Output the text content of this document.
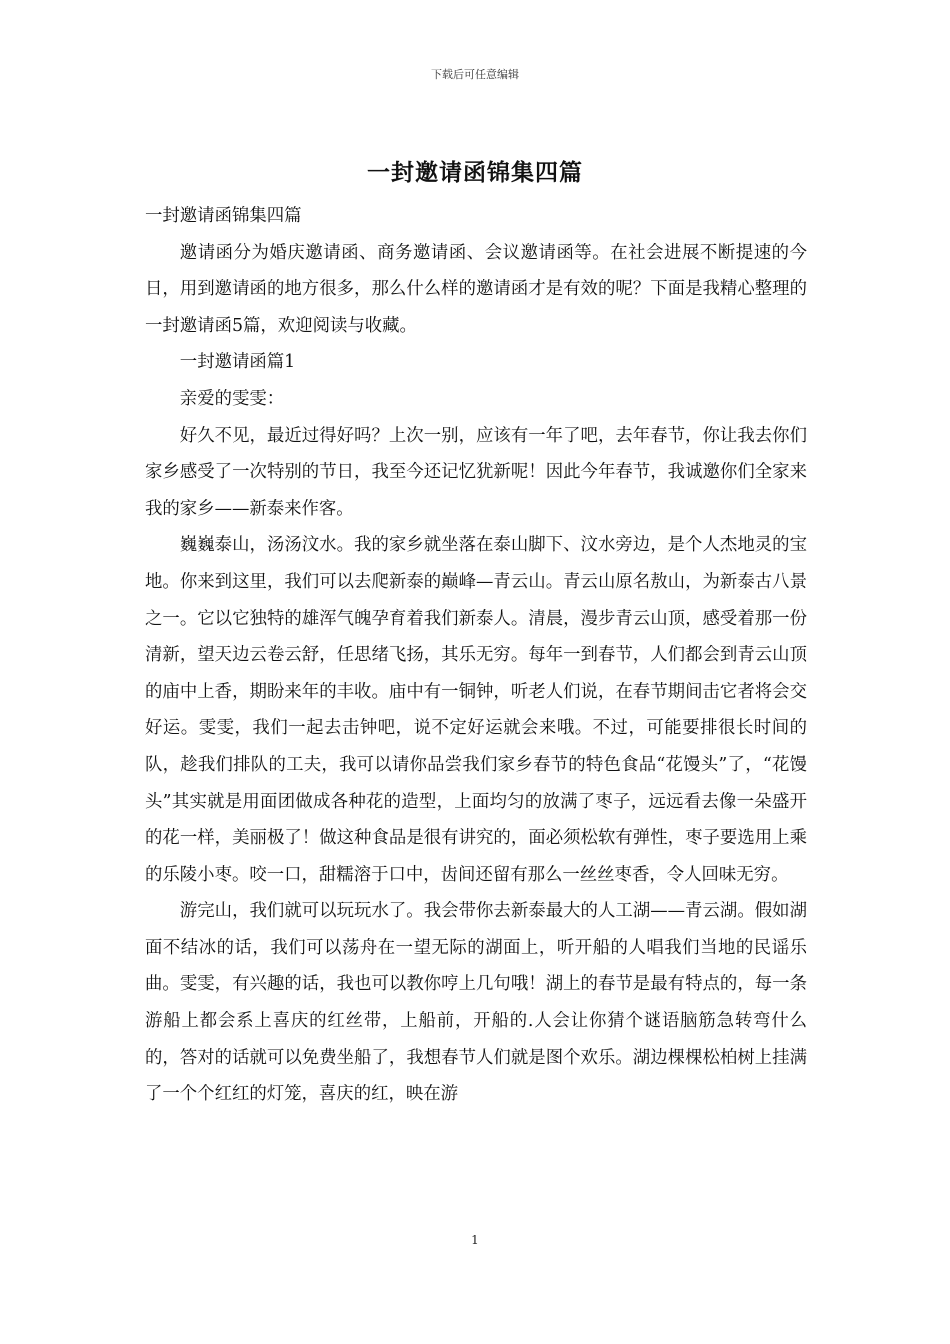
下载后可任意编辑
一封邀请函锦集四篇

一封邀请函锦集四篇

邀请函分为婚庆邀请函、商务邀请函、会议邀请函等。在社会进展不断提速的今日，用到邀请函的地方很多，那么什么样的邀请函才是有效的呢？下面是我精心整理的一封邀请函5篇，欢迎阅读与收藏。

一封邀请函篇1

亲爱的雯雯：

好久不见，最近过得好吗？上次一别，应该有一年了吧，去年春节，你让我去你们家乡感受了一次特别的节日，我至今还记忆犹新呢！因此今年春节，我诚邀你们全家来我的家乡——新泰来作客。

巍巍泰山，汤汤汶水。我的家乡就坐落在泰山脚下、汶水旁边，是个人杰地灵的宝地。你来到这里，我们可以去爬新泰的巅峰—青云山。青云山原名敖山，为新泰古八景之一。它以它独特的雄浑气魄孕育着我们新泰人。清晨，漫步青云山顶，感受着那一份清新，望天边云卷云舒，任思绪飞扬，其乐无穷。每年一到春节，人们都会到青云山顶的庙中上香，期盼来年的丰收。庙中有一铜钟，听老人们说，在春节期间击它者将会交好运。雯雯，我们一起去击钟吧，说不定好运就会来哦。不过，可能要排很长时间的队，趁我们排队的工夫，我可以请你品尝我们家乡春节的特色食品“花馒头”了，“花馒头”其实就是用面团做成各种花的造型，上面均匀的放满了枣子，远远看去像一朵盛开的花一样，美丽极了！做这种食品是很有讲究的，面必须松软有弹性，枣子要选用上乘的乐陵小枣。咬一口，甜糯溶于口中，齿间还留有那么一丝丝枣香，令人回味无穷。

游完山，我们就可以玩玩水了。我会带你去新泰最大的人工湖——青云湖。假如湖面不结冰的话，我们可以荡舟在一望无际的湖面上，听开船的人唱我们当地的民谣乐曲。雯雯，有兴趣的话，我也可以教你哼上几句哦！湖上的春节是最有特点的，每一条游船上都会系上喜庆的红丝带，上船前，开船的.人会让你猜个谜语脑筋急转弯什么的，答对的话就可以免费坐船了，我想春节人们就是图个欢乐。湖边棵棵松柏树上挂满了一个个红红的灯笼，喜庆的红，映在游

1
